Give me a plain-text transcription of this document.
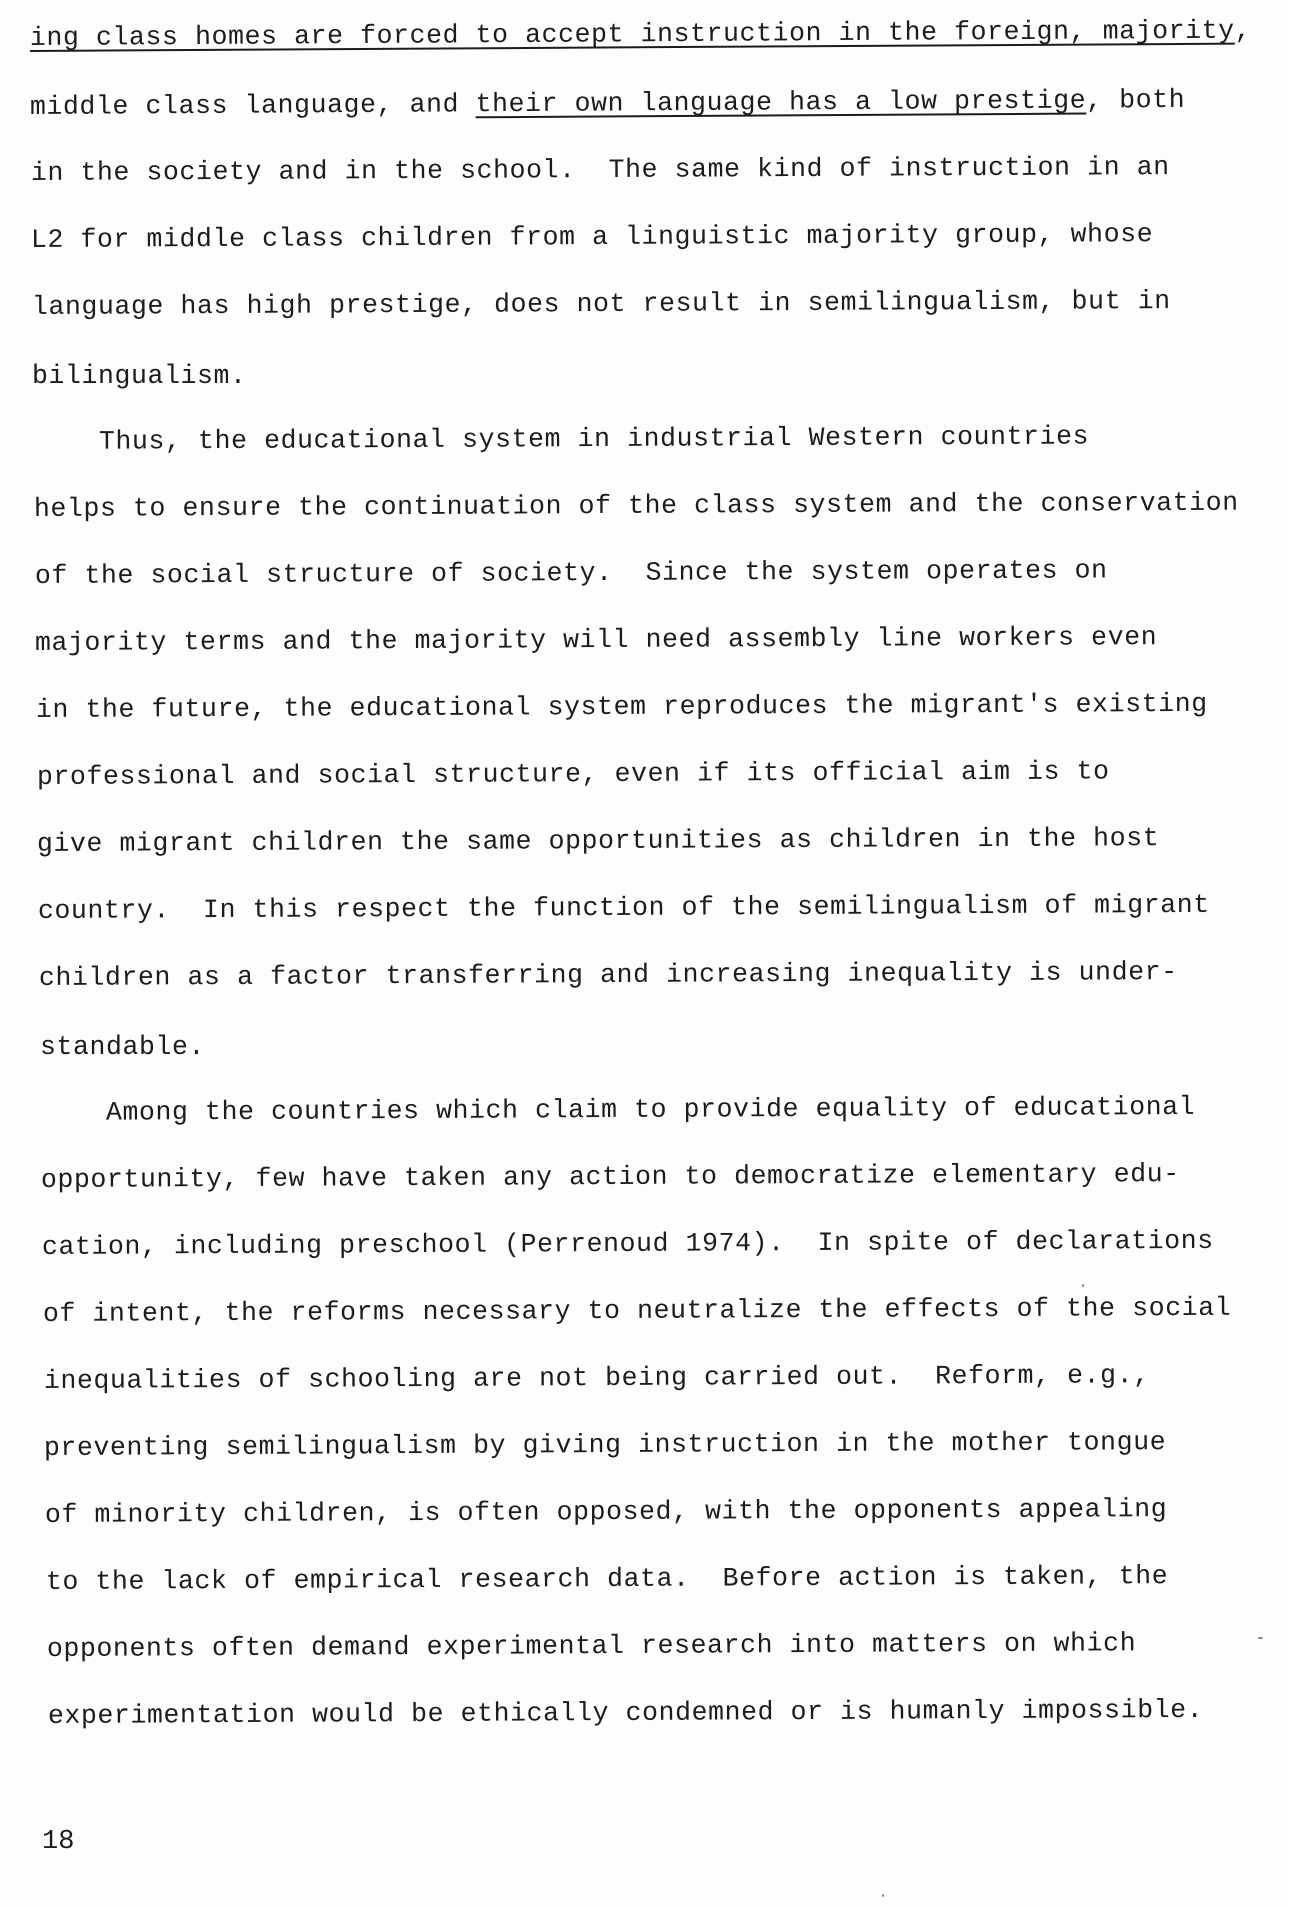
ing class homes are forced to accept instruction in the foreign, majority,
middle class language, and their own language has a low prestige, both
in the society and in the school.  The same kind of instruction in an
L2 for middle class children from a linguistic majority group, whose
language has high prestige, does not result in semilingualism, but in
bilingualism.
Thus, the educational system in industrial Western countries
helps to ensure the continuation of the class system and the conservation
of the social structure of society.  Since the system operates on
majority terms and the majority will need assembly line workers even
in the future, the educational system reproduces the migrant's existing
professional and social structure, even if its official aim is to
give migrant children the same opportunities as children in the host
country.  In this respect the function of the semilingualism of migrant
children as a factor transferring and increasing inequality is under-
standable.
Among the countries which claim to provide equality of educational
opportunity, few have taken any action to democratize elementary edu-
cation, including preschool (Perrenoud 1974).  In spite of declarations
of intent, the reforms necessary to neutralize the effects of the social
inequalities of schooling are not being carried out.  Reform, e.g.,
preventing semilingualism by giving instruction in the mother tongue
of minority children, is often opposed, with the opponents appealing
to the lack of empirical research data.  Before action is taken, the
opponents often demand experimental research into matters on which
experimentation would be ethically condemned or is humanly impossible.
18
